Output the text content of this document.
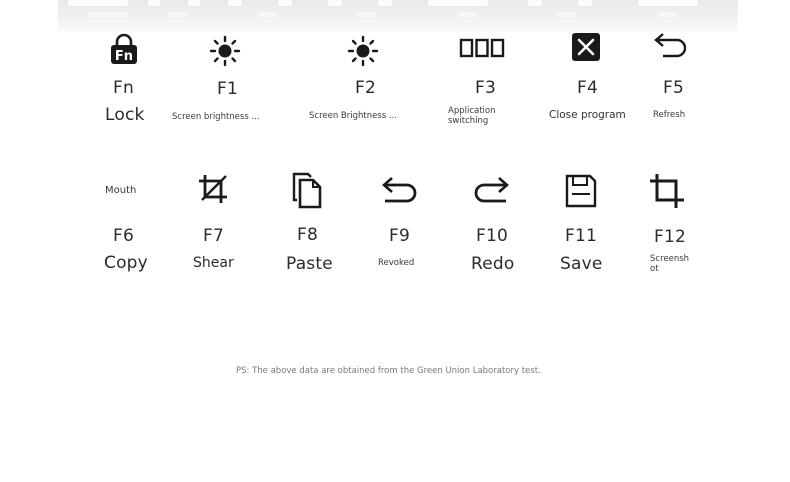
Fn
Fn
Lock
F1
Screen brightness ...
F2
Screen Brightness ...
F3
Application
switching
F4
Close program
F5
Refresh
Mouth
F6
Copy
F7
Shear
F8
Paste
F9
Revoked
F10
Redo
F11
Save
F12
Screensh
ot
PS: The above data are obtained from the Green Union Laboratory test.
